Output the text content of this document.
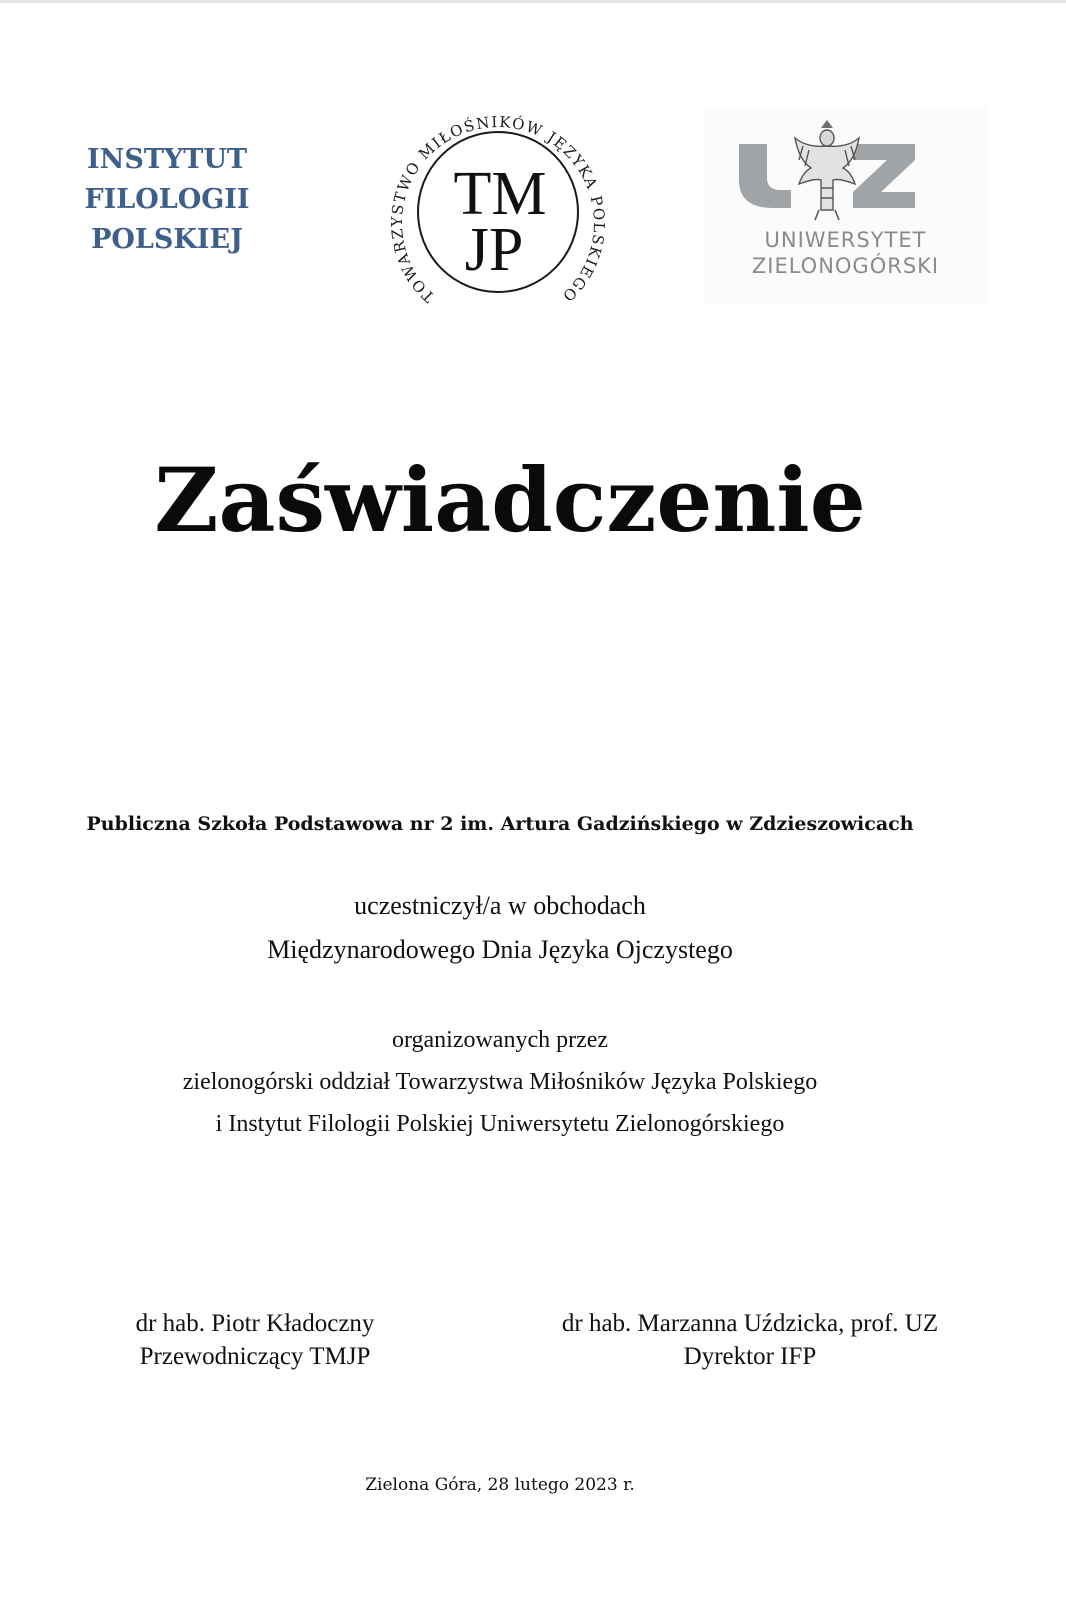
INSTYTUT
FILOLOGII
POLSKIEJ
TOWARZYSTWO MIŁOŚNIKÓW JĘZYKA POLSKIEGO
TM
JP	UNIWERSYTET
ZIELONOGÓRSKI
Zaświadczenie
Publiczna Szkoła Podstawowa nr 2 im. Artura Gadzińskiego w Zdzieszowicach
uczestniczył/a w obchodach
Międzynarodowego Dnia Języka Ojczystego
organizowanych przez
zielonogórski oddział Towarzystwa Miłośników Języka Polskiego
i Instytut Filologii Polskiej Uniwersytetu Zielonogórskiego
dr hab. Piotr Kładoczny
Przewodniczący TMJP
dr hab. Marzanna Uździcka, prof. UZ
Dyrektor IFP
Zielona Góra, 28 lutego 2023 r.
